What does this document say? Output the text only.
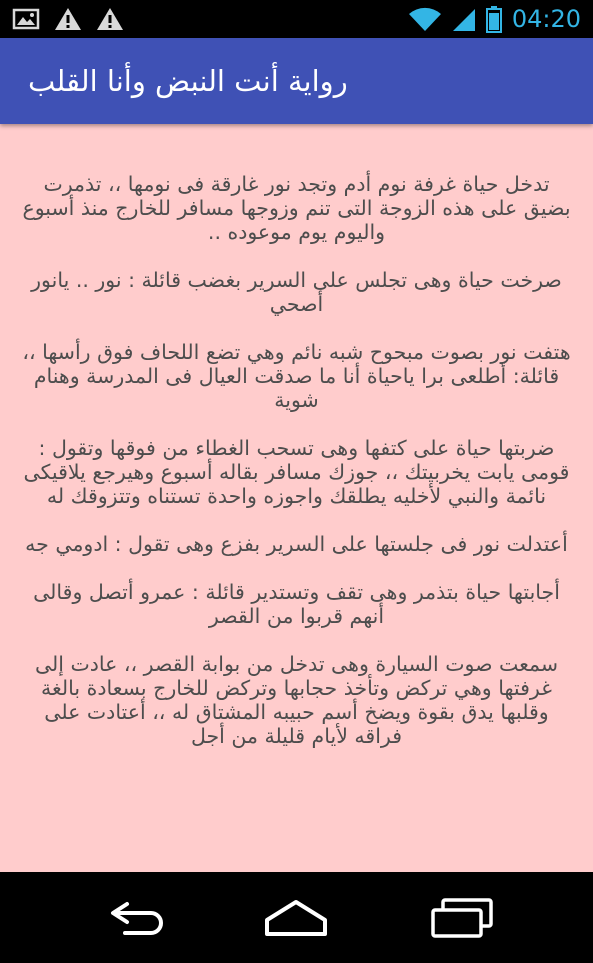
04:20
رواية أنت النبض وأنا القلب

تدخل حياة غرفة نوم أدم وتجد نور غارقة فى نومها ،، تذمرت بضيق على هذه الزوجة التى تنم وزوجها مسافر للخارج منذ أسبوع واليوم يوم موعوده ..

صرخت حياة وهى تجلس على السرير بغضب قائلة : نور .. يانور أصحي

هتفت نور بصوت مبحوح شبه نائم وهي تضع اللحاف فوق رأسها ،، قائلة: أطلعى برا ياحياة أنا ما صدقت العيال فى المدرسة وهنام شوية

ضربتها حياة على كتفها وهى تسحب الغطاء من فوقها وتقول : قومى يابت يخربيتك ،، جوزك مسافر بقاله أسبوع وهيرجع يلاقيكى نائمة والنبي لأخليه يطلقك واجوزه واحدة تستناه وتتزوقك له

أعتدلت نور فى جلستها على السرير بفزع وهى تقول : ادومي جه

أجابتها حياة بتذمر وهى تقف وتستدير قائلة : عمرو أتصل وقالى أنهم قربوا من القصر

سمعت صوت السيارة وهى تدخل من بوابة القصر ،، عادت إلى غرفتها وهي تركض وتأخذ حجابها وتركض للخارج بسعادة بالغة وقلبها يدق بقوة ويضخ أسم حبيبه المشتاق له ،، أعتادت على فراقه لأيام قليلة من أجل
